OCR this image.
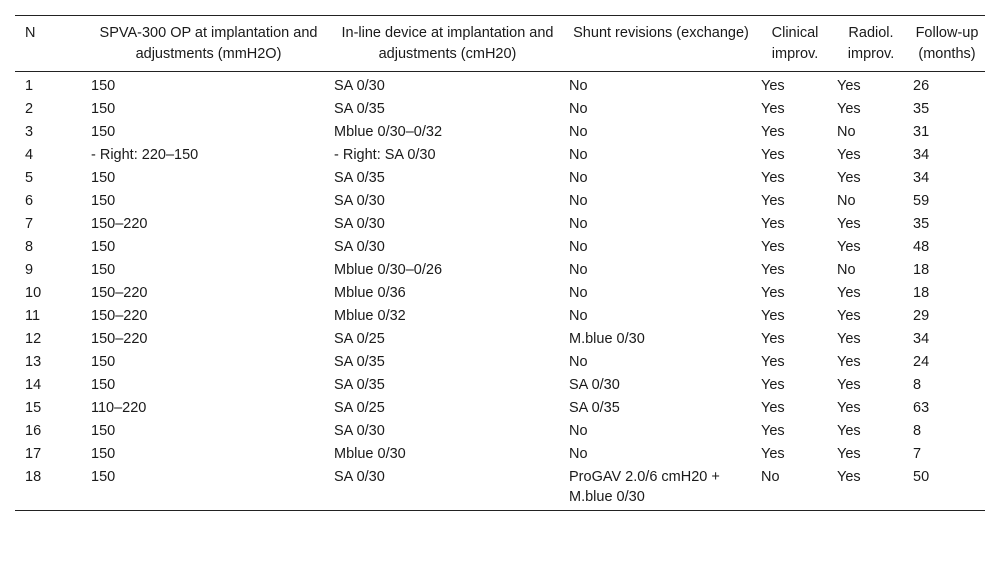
N	SPVA-300 OP at implantation and adjustments (mmH2O)	In-line device at implantation and adjustments (cmH20)	Shunt revisions (exchange)	Clinical improv.	Radiol. improv.	Follow-up (months)
1	150	SA 0/30	No	Yes	Yes	26
2	150	SA 0/35	No	Yes	Yes	35
3	150	Mblue 0/30–0/32	No	Yes	No	31
4	- Right: 220–150	- Right: SA 0/30	No	Yes	Yes	34
5	150	SA 0/35	No	Yes	Yes	34
6	150	SA 0/30	No	Yes	No	59
7	150–220	SA 0/30	No	Yes	Yes	35
8	150	SA 0/30	No	Yes	Yes	48
9	150	Mblue 0/30–0/26	No	Yes	No	18
10	150–220	Mblue 0/36	No	Yes	Yes	18
11	150–220	Mblue 0/32	No	Yes	Yes	29
12	150–220	SA 0/25	M.blue 0/30	Yes	Yes	34
13	150	SA 0/35	No	Yes	Yes	24
14	150	SA 0/35	SA 0/30	Yes	Yes	8
15	110–220	SA 0/25	SA 0/35	Yes	Yes	63
16	150	SA 0/30	No	Yes	Yes	8
17	150	Mblue 0/30	No	Yes	Yes	7
18	150	SA 0/30	ProGAV 2.0/6 cmH20 + M.blue 0/30	No	Yes	50
